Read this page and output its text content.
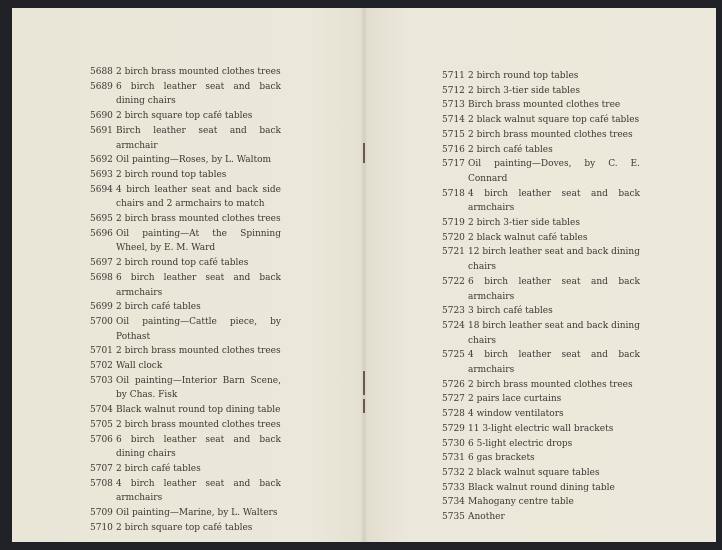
5688 2 birch brass mounted clothes trees
5689 6 birch leather seat and back dining chairs
5690 2 birch square top café tables
5691 Birch leather seat and back armchair
5692 Oil painting—Roses, by L. Waltom
5693 2 birch round top tables
5694 4 birch leather seat and back side chairs and 2 armchairs to match
5695 2 birch brass mounted clothes trees
5696 Oil painting—At the Spinning Wheel, by E. M. Ward
5697 2 birch round top café tables
5698 6 birch leather seat and back armchairs
5699 2 birch café tables
5700 Oil painting—Cattle piece, by Pothast
5701 2 birch brass mounted clothes trees
5702 Wall clock
5703 Oil painting—Interior Barn Scene, by Chas. Fisk
5704 Black walnut round top dining table
5705 2 birch brass mounted clothes trees
5706 6 birch leather seat and back dining chairs
5707 2 birch café tables
5708 4 birch leather seat and back armchairs
5709 Oil painting—Marine, by L. Walters
5710 2 birch square top café tables
5711 2 birch round top tables
5712 2 birch 3-tier side tables
5713 Birch brass mounted clothes tree
5714 2 black walnut square top café tables
5715 2 birch brass mounted clothes trees
5716 2 birch café tables
5717 Oil painting—Doves, by C. E. Connard
5718 4 birch leather seat and back armchairs
5719 2 birch 3-tier side tables
5720 2 black walnut café tables
5721 12 birch leather seat and back dining chairs
5722 6 birch leather seat and back armchairs
5723 3 birch café tables
5724 18 birch leather seat and back dining chairs
5725 4 birch leather seat and back armchairs
5726 2 birch brass mounted clothes trees
5727 2 pairs lace curtains
5728 4 window ventilators
5729 11 3-light electric wall brackets
5730 6 5-light electric drops
5731 6 gas brackets
5732 2 black walnut square tables
5733 Black walnut round dining table
5734 Mahogany centre table
5735 Another
